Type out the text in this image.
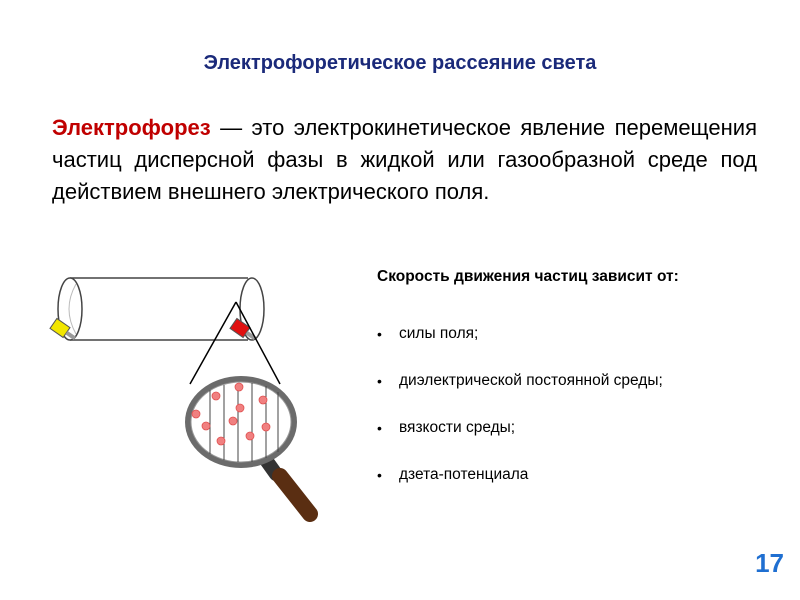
Электрофоретическое рассеяние света
Электрофорез — это электрокинетическое явление перемещения частиц дисперсной фазы в жидкой или газообразной среде под действием внешнего электрического поля.
Скорость движения частиц зависит от:
•	силы поля;
•	диэлектрической постоянной среды;
•	вязкости среды;
•	дзета-потенциала
17
